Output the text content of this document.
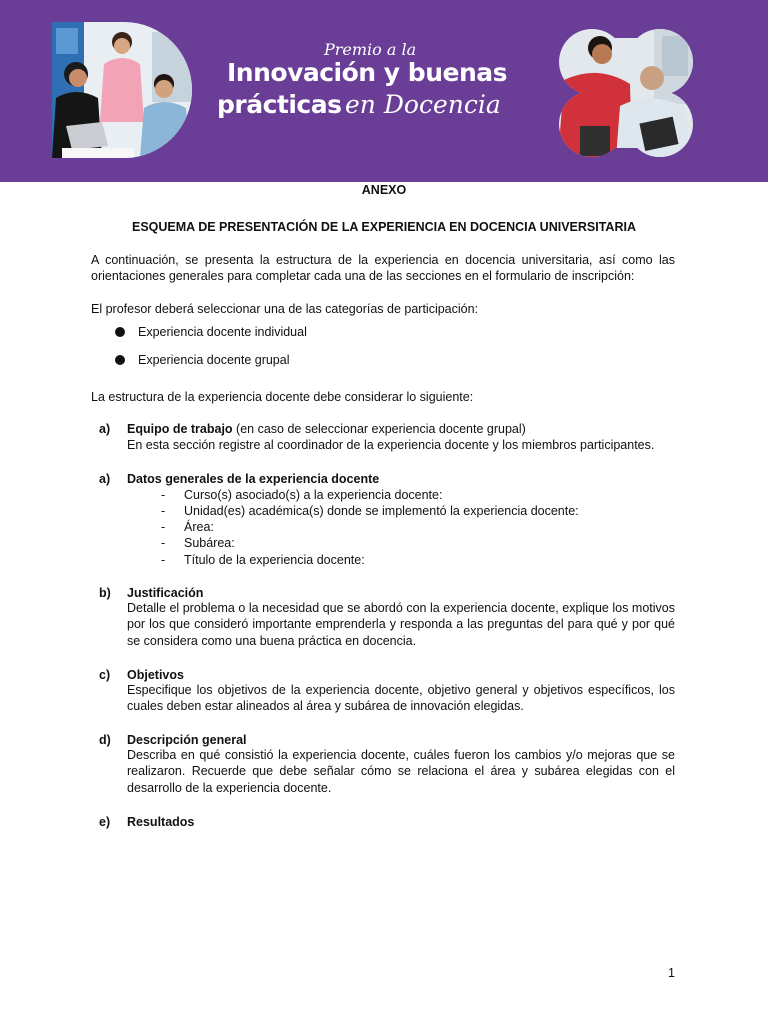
Premio a la
Innovación y buenas
prácticas en Docencia
ANEXO
ESQUEMA DE PRESENTACIÓN DE LA EXPERIENCIA EN DOCENCIA UNIVERSITARIA
A continuación, se presenta la estructura de la experiencia en docencia universitaria, así como las orientaciones generales para completar cada una de las secciones en el formulario de inscripción:
El profesor deberá seleccionar una de las categorías de participación:
Experiencia docente individual
Experiencia docente grupal
La estructura de la experiencia docente debe considerar lo siguiente:
a) Equipo de trabajo (en caso de seleccionar experiencia docente grupal)
En esta sección registre al coordinador de la experiencia docente y los miembros participantes.
a) Datos generales de la experiencia docente
- Curso(s) asociado(s) a la experiencia docente:
- Unidad(es) académica(s) donde se implementó la experiencia docente:
- Área:
- Subárea:
- Título de la experiencia docente:
b) Justificación
Detalle el problema o la necesidad que se abordó con la experiencia docente, explique los motivos por los que consideró importante emprenderla y responda a las preguntas del para qué y por qué se considera como una buena práctica en docencia.
c) Objetivos
Especifique los objetivos de la experiencia docente, objetivo general y objetivos específicos, los cuales deben estar alineados al área y subárea de innovación elegidas.
d) Descripción general
Describa en qué consistió la experiencia docente, cuáles fueron los cambios y/o mejoras que se realizaron. Recuerde que debe señalar cómo se relaciona el área y subárea elegidas con el desarrollo de la experiencia docente.
e) Resultados
1
